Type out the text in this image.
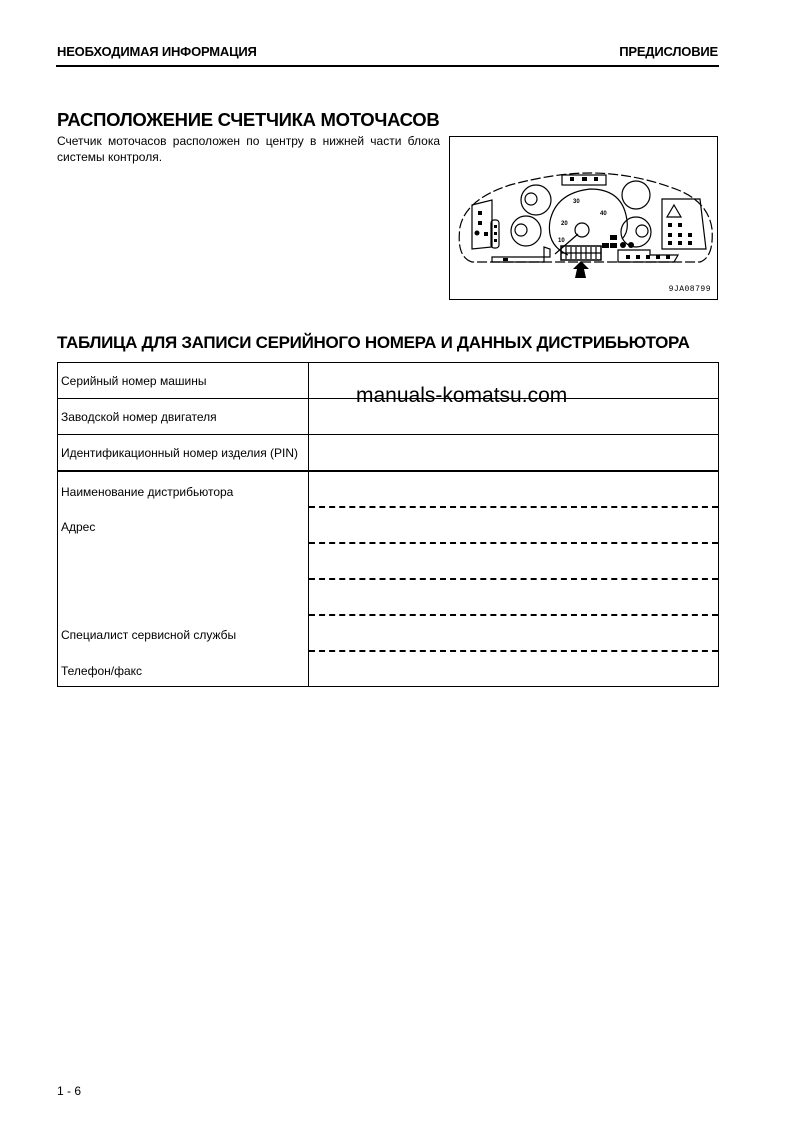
НЕОБХОДИМАЯ ИНФОРМАЦИЯ	ПРЕДИСЛОВИЕ
РАСПОЛОЖЕНИЕ СЧЕТЧИКА МОТОЧАСОВ
Счетчик моточасов расположен по центру в нижней части блока системы контроля.
10
20
30
40
9JA08799
ТАБЛИЦА ДЛЯ ЗАПИСИ СЕРИЙНОГО НОМЕРА И ДАННЫХ ДИСТРИБЬЮТОРА
Серийный номер машины	
Заводской номер двигателя	
Идентификационный номер изделия (PIN)	

Наименование дистрибьютора
Адрес
Специалист сервисной службы
Телефон/факс	

manuals-komatsu.com
1 - 6
